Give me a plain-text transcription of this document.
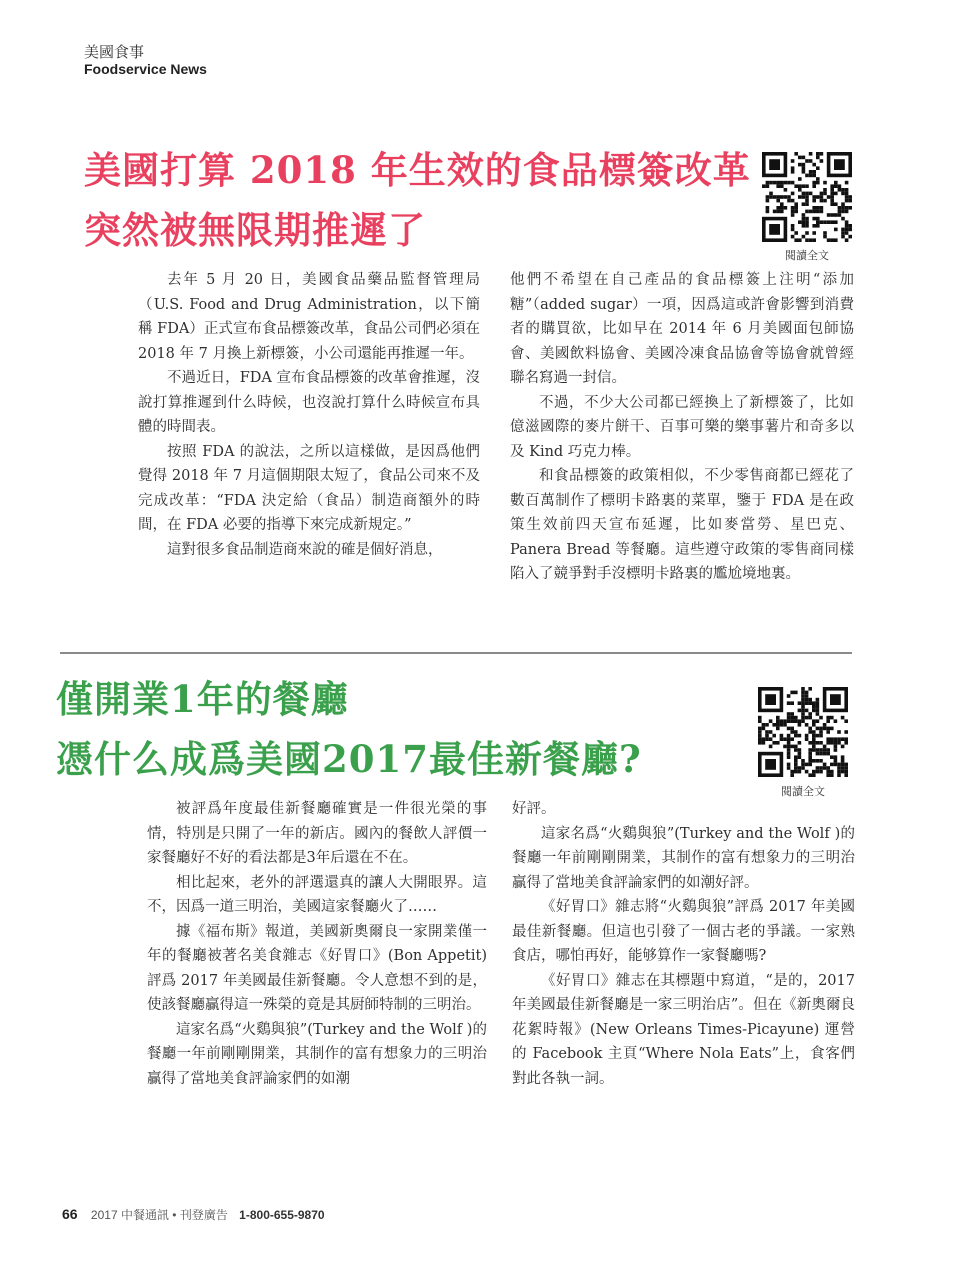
美國食事
Foodservice News
美國打算 2018 年生效的食品標簽改革
突然被無限期推遲了
閱讀全文

去年 5 月 20 日，美國食品藥品監督管理局（U.S. Food and Drug Administration，以下簡稱 FDA）正式宣布食品標簽改革，食品公司們必須在 2018 年 7 月換上新標簽，小公司還能再推遲一年。

不過近日，FDA 宣布食品標簽的改革會推遲，沒說打算推遲到什么時候，也沒說打算什么時候宣布具體的時間表。

按照 FDA 的說法，之所以這樣做，是因爲他們覺得 2018 年 7 月這個期限太短了，食品公司來不及完成改革：“FDA 決定給（食品）制造商額外的時間，在 FDA 必要的指導下來完成新規定。”

這對很多食品制造商來說的確是個好消息，

他們不希望在自己產品的食品標簽上注明“添加糖”（added sugar）一項，因爲這或許會影響到消費者的購買欲，比如早在 2014 年 6 月美國面包師協會、美國飲料協會、美國冷凍食品協會等協會就曾經聯名寫過一封信。

不過，不少大公司都已經換上了新標簽了，比如億滋國際的麥片餅干、百事可樂的樂事薯片和奇多以及 Kind 巧克力棒。

和食品標簽的政策相似，不少零售商都已經花了數百萬制作了標明卡路裏的菜單，鑒于 FDA 是在政策生效前四天宣布延遲，比如麥當勞、星巴克、Panera Bread 等餐廳。這些遵守政策的零售商同樣陷入了競爭對手沒標明卡路裏的尷尬境地裏。

僅開業1年的餐廳
憑什么成爲美國2017最佳新餐廳?
閱讀全文

被評爲年度最佳新餐廳確實是一件很光榮的事情，特別是只開了一年的新店。國內的餐飲人評價一家餐廳好不好的看法都是3年后還在不在。

相比起來，老外的評選還真的讓人大開眼界。這不，因爲一道三明治，美國這家餐廳火了……

據《福布斯》報道，美國新奧爾良一家開業僅一年的餐廳被著名美食雜志《好胃口》(Bon Appetit) 評爲 2017 年美國最佳新餐廳。令人意想不到的是，使該餐廳贏得這一殊榮的竟是其厨師特制的三明治。

這家名爲“火鷄與狼”(Turkey and the Wolf )的餐廳一年前剛剛開業，其制作的富有想象力的三明治贏得了當地美食評論家們的如潮

好評。

這家名爲“火鷄與狼”(Turkey and the Wolf )的餐廳一年前剛剛開業，其制作的富有想象力的三明治贏得了當地美食評論家們的如潮好評。

《好胃口》雜志將“火鷄與狼”評爲 2017 年美國最佳新餐廳。但這也引發了一個古老的爭議。一家熟食店，哪怕再好，能够算作一家餐廳嗎?

《好胃口》雜志在其標題中寫道，“是的，2017 年美國最佳新餐廳是一家三明治店”。但在《新奧爾良花絮時報》(New Orleans Times-Picayune) 運營的 Facebook 主頁“Where Nola Eats”上，食客們對此各執一詞。

66 2017 中餐通訊 • 刊登廣告 1-800-655-9870
